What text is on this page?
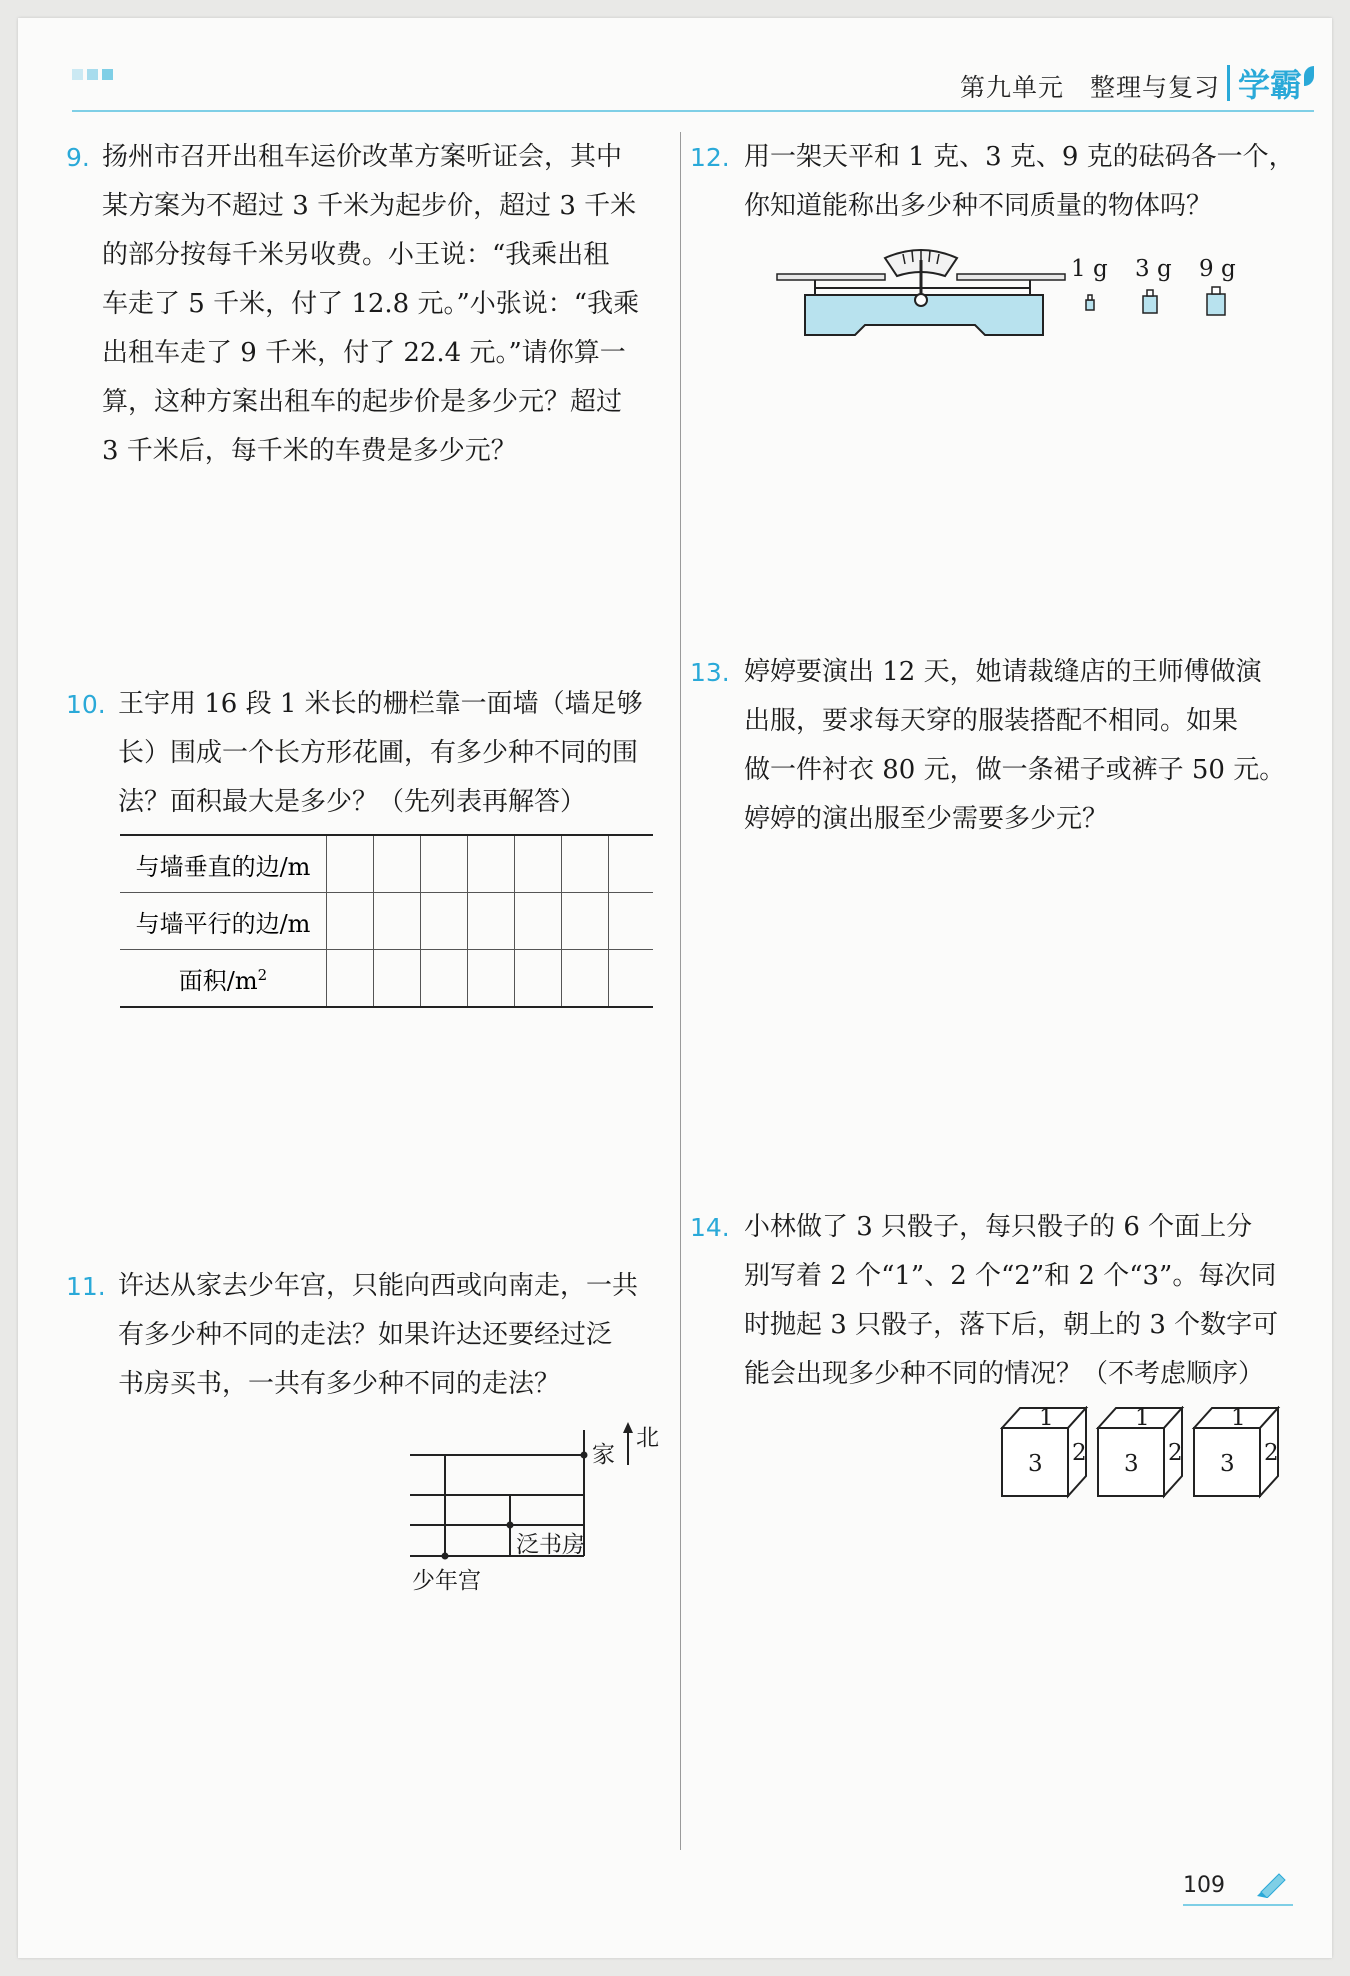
第九单元 整理与复习 学霸
9. 扬州市召开出租车运价改革方案听证会，其中

某方案为不超过 3 千米为起步价，超过 3 千米

的部分按每千米另收费。小王说：“我乘出租

车走了 5 千米，付了 12.8 元。”小张说：“我乘

出租车走了 9 千米，付了 22.4 元。”请你算一

算，这种方案出租车的起步价是多少元？超过

3 千米后，每千米的车费是多少元？

10. 王宇用 16 段 1 米长的栅栏靠一面墙（墙足够

长）围成一个长方形花圃，有多少种不同的围

法？面积最大是多少？（先列表再解答）

与墙垂直的边/m							
与墙平行的边/m							
面积$/m^2$							
11. 许达从家去少年宫，只能向西或向南走，一共

有多少种不同的走法？如果许达还要经过泛

书房买书，一共有多少种不同的走法？

家
北
泛书房
少年宫
12. 用一架天平和 1 克、3 克、9 克的砝码各一个，

你知道能称出多少种不同质量的物体吗？

1 g 3 g 9 g
13. 婷婷要演出 12 天，她请裁缝店的王师傅做演

出服，要求每天穿的服装搭配不相同。如果

做一件衬衣 80 元，做一条裙子或裤子 50 元。

婷婷的演出服至少需要多少元？

14. 小林做了 3 只骰子，每只骰子的 6 个面上分

别写着 2 个“1”、2 个“2”和 2 个“3”。每次同

时抛起 3 只骰子，落下后，朝上的 3 个数字可

能会出现多少种不同的情况？（不考虑顺序）

1
3 2
1
3 2
1
3 2
109
